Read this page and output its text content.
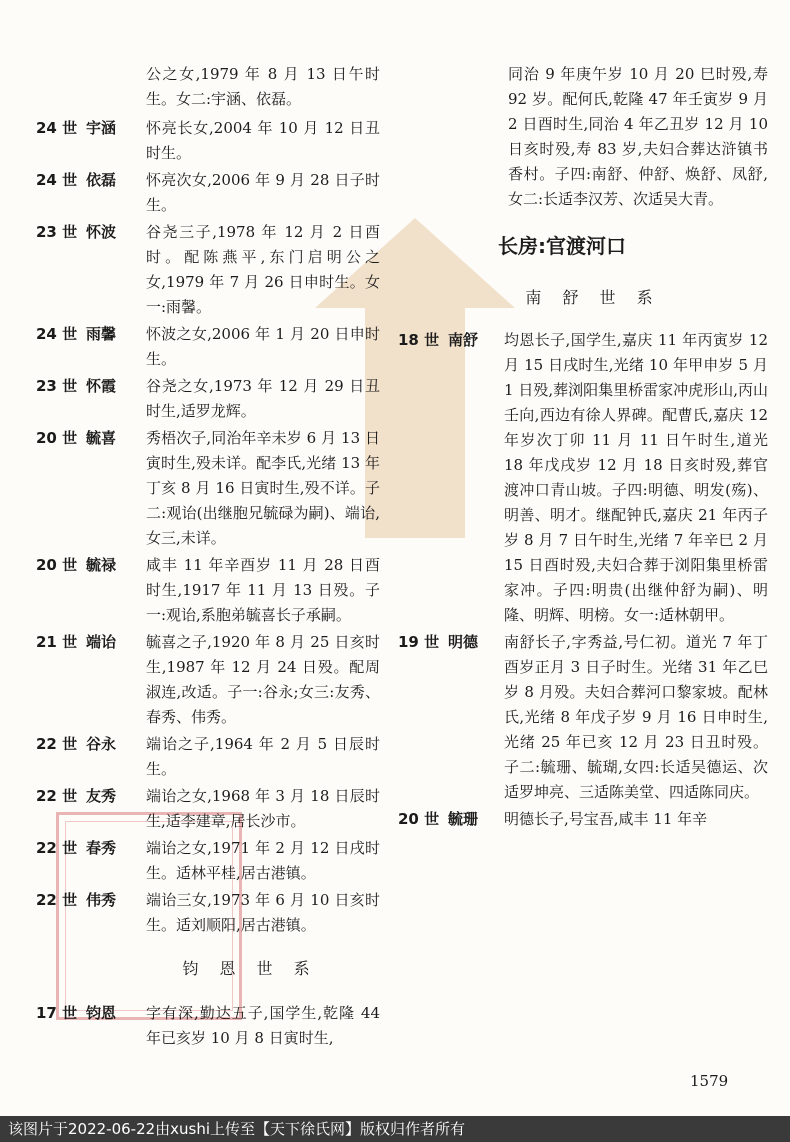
公之女,1979 年 8 月 13 日午时生。女二:宇涵、依磊。

24 世 宇涵	怀亮长女,2004 年 10 月 12 日丑时生。
24 世 依磊	怀亮次女,2006 年 9 月 28 日子时生。
23 世 怀波	谷尧三子,1978 年 12 月 2 日酉时。配陈燕平,东门启明公之女,1979 年 7 月 26 日申时生。女一:雨馨。
24 世 雨馨	怀波之女,2006 年 1 月 20 日申时生。
23 世 怀霞	谷尧之女,1973 年 12 月 29 日丑时生,适罗龙辉。
20 世 毓喜	秀梧次子,同治年辛未岁 6 月 13 日寅时生,殁未详。配李氏,光绪 13 年丁亥 8 月 16 日寅时生,殁不详。子二:观诒(出继胞兄毓碌为嗣)、端诒,女三,未详。
20 世 毓禄	咸丰 11 年辛酉岁 11 月 28 日酉时生,1917 年 11 月 13 日殁。子一:观诒,系胞弟毓喜长子承嗣。
21 世 端诒	毓喜之子,1920 年 8 月 25 日亥时生,1987 年 12 月 24 日殁。配周淑连,改适。子一:谷永;女三:友秀、春秀、伟秀。
22 世 谷永	端诒之子,1964 年 2 月 5 日辰时生。
22 世 友秀	端诒之女,1968 年 3 月 18 日辰时生,适李建章,居长沙市。
22 世 春秀	端诒之女,1971 年 2 月 12 日戌时生。适林平桂,居古港镇。
22 世 伟秀	端诒三女,1973 年 6 月 10 日亥时生。适刘顺阳,居古港镇。
钧 恩 世 系
17 世 钧恩	字有深,勤达五子,国学生,乾隆 44 年已亥岁 10 月 8 日寅时生,

同治 9 年庚午岁 10 月 20 巳时殁,寿 92 岁。配何氏,乾隆 47 年壬寅岁 9 月 2 日酉时生,同治 4 年乙丑岁 12 月 10 日亥时殁,寿 83 岁,夫妇合葬达浒镇书香村。子四:南舒、仲舒、焕舒、凤舒,女二:长适李汉芳、次适吴大青。

长房:官渡河口
南 舒 世 系
18 世 南舒	均恩长子,国学生,嘉庆 11 年丙寅岁 12 月 15 日戌时生,光绪 10 年甲申岁 5 月 1 日殁,葬浏阳集里桥雷家冲虎形山,丙山壬向,西边有徐人界碑。配曹氏,嘉庆 12 年岁次丁卯 11 月 11 日午时生,道光 18 年戊戌岁 12 月 18 日亥时殁,葬官渡冲口青山坡。子四:明德、明发(殇)、明善、明才。继配钟氏,嘉庆 21 年丙子岁 8 月 7 日午时生,光绪 7 年辛巳 2 月 15 日酉时殁,夫妇合葬于浏阳集里桥雷家冲。子四:明贵(出继仲舒为嗣)、明隆、明辉、明榜。女一:适林朝甲。
19 世 明德	南舒长子,字秀益,号仁初。道光 7 年丁酉岁正月 3 日子时生。光绪 31 年乙巳岁 8 月殁。夫妇合葬河口黎家坡。配林氏,光绪 8 年戊子岁 9 月 16 日申时生,光绪 25 年已亥 12 月 23 日丑时殁。子二:毓珊、毓瑚,女四:长适吴德运、次适罗坤亮、三适陈美堂、四适陈同庆。
20 世 毓珊	明德长子,号宝吾,咸丰 11 年辛
1579
该图片于2022-06-22由xushi上传至【天下徐氏网】版权归作者所有
